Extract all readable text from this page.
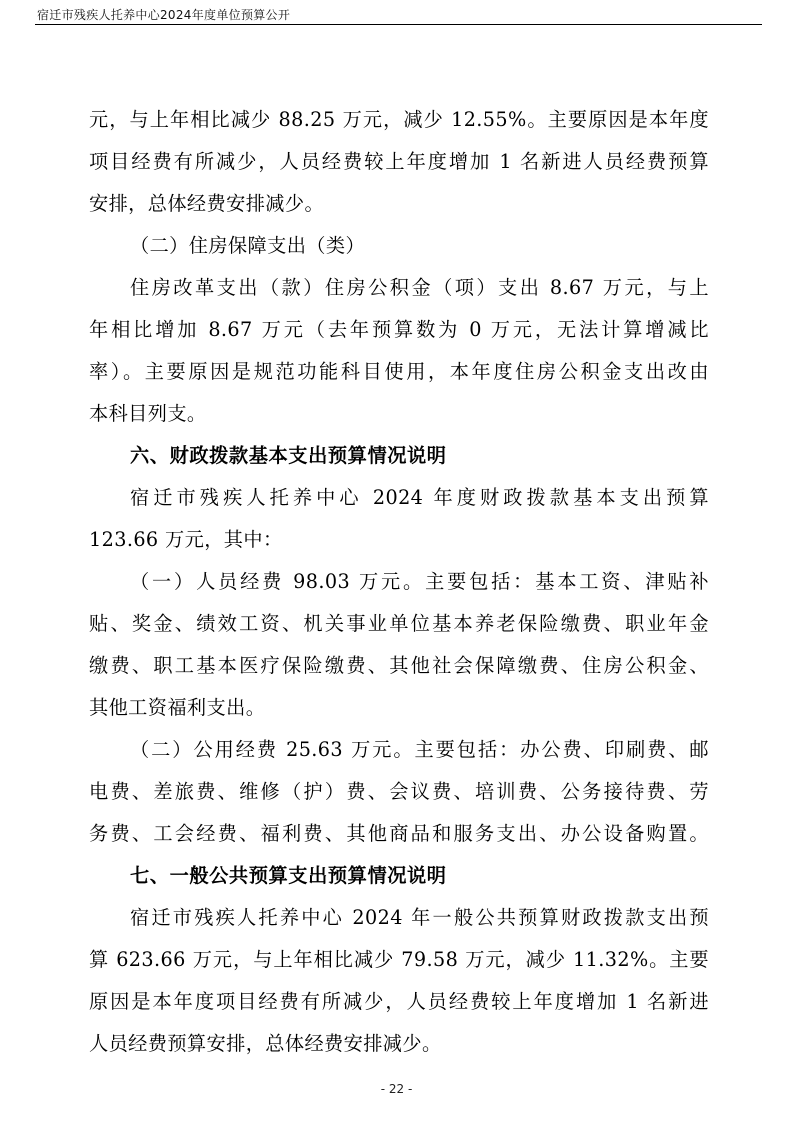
宿迁市残疾人托养中心2024年度单位预算公开
元，与上年相比减少 88.25 万元，减少 12.55%。主要原因是本年度
项目经费有所减少，人员经费较上年度增加 1 名新进人员经费预算
安排，总体经费安排减少。
（二）住房保障支出（类）
住房改革支出（款）住房公积金（项）支出 8.67 万元，与上
年相比增加 8.67 万元（去年预算数为 0 万元，无法计算增减比
率）。主要原因是规范功能科目使用，本年度住房公积金支出改由
本科目列支。
六、财政拨款基本支出预算情况说明
宿迁市残疾人托养中心 2024 年度财政拨款基本支出预算
123.66 万元，其中：
（一）人员经费 98.03 万元。主要包括：基本工资、津贴补
贴、奖金、绩效工资、机关事业单位基本养老保险缴费、职业年金
缴费、职工基本医疗保险缴费、其他社会保障缴费、住房公积金、
其他工资福利支出。
（二）公用经费 25.63 万元。主要包括：办公费、印刷费、邮
电费、差旅费、维修（护）费、会议费、培训费、公务接待费、劳
务费、工会经费、福利费、其他商品和服务支出、办公设备购置。
七、一般公共预算支出预算情况说明
宿迁市残疾人托养中心 2024 年一般公共预算财政拨款支出预
算 623.66 万元，与上年相比减少 79.58 万元，减少 11.32%。主要
原因是本年度项目经费有所减少，人员经费较上年度增加 1 名新进
人员经费预算安排，总体经费安排减少。
- 22 -
